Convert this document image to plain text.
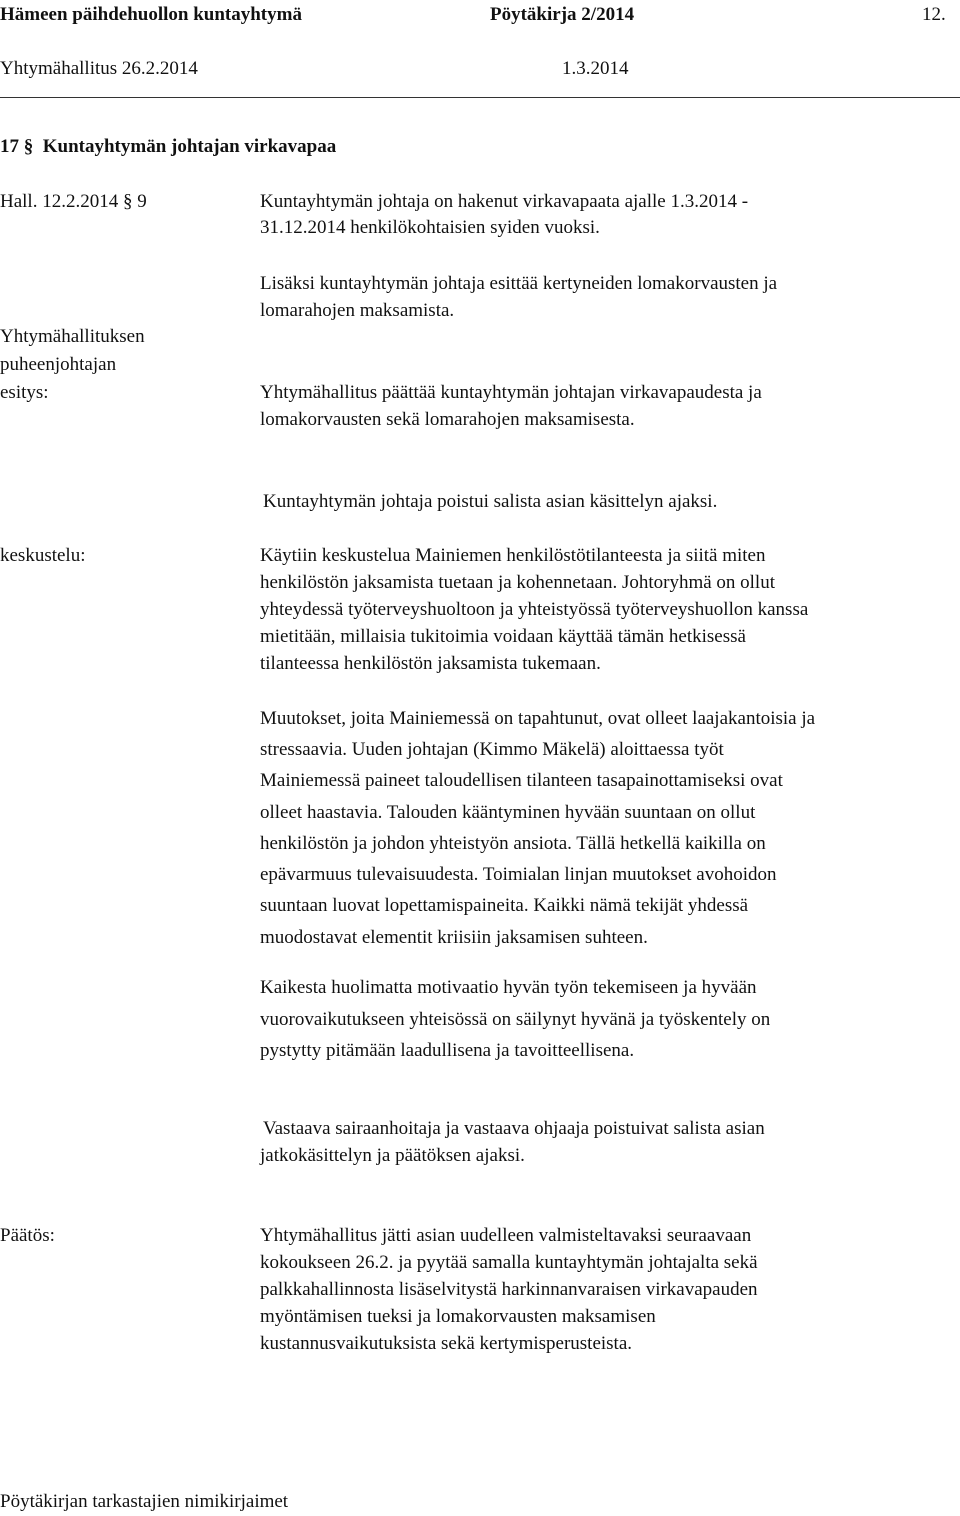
Hämeen päihdehuollon kuntayhtymä	Pöytäkirja 2/2014	12.
Yhtymähallitus 26.2.2014	1.3.2014
17 § Kuntayhtymän johtajan virkavapaa
Hall. 12.2.2014 § 9	Kuntayhtymän johtaja on hakenut virkavapaata ajalle 1.3.2014 -
31.12.2014 henkilökohtaisien syiden vuoksi.
Yhtymähallituksen
puheenjohtajan
esitys:
Lisäksi kuntayhtymän johtaja esittää kertyneiden lomakorvausten ja
lomarahojen maksamista.
Yhtymähallitus päättää kuntayhtymän johtajan virkavapaudesta ja
lomakorvausten sekä lomarahojen maksamisesta.
Kuntayhtymän johtaja poistui salista asian käsittelyn ajaksi.
keskustelu:	Käytiin keskustelua Mainiemen henkilöstötilanteesta ja siitä miten
henkilöstön jaksamista tuetaan ja kohennetaan. Johtoryhmä on ollut
yhteydessä työterveyshuoltoon ja yhteistyössä työterveyshuollon kanssa
mietitään, millaisia tukitoimia voidaan käyttää tämän hetkisessä
tilanteessa henkilöstön jaksamista tukemaan.
Muutokset, joita Mainiemessä on tapahtunut, ovat olleet laajakantoisia ja
stressaavia. Uuden johtajan (Kimmo Mäkelä) aloittaessa työt
Mainiemessä paineet taloudellisen tilanteen tasapainottamiseksi ovat
olleet haastavia. Talouden kääntyminen hyvään suuntaan on ollut
henkilöstön ja johdon yhteistyön ansiota. Tällä hetkellä kaikilla on
epävarmuus tulevaisuudesta. Toimialan linjan muutokset avohoidon
suuntaan luovat lopettamispaineita. Kaikki nämä tekijät yhdessä
muodostavat elementit kriisiin jaksamisen suhteen.
Kaikesta huolimatta motivaatio hyvän työn tekemiseen ja hyvään
vuorovaikutukseen yhteisössä on säilynyt hyvänä ja työskentely on
pystytty pitämään laadullisena ja tavoitteellisena.
Vastaava sairaanhoitaja ja vastaava ohjaaja poistuivat salista asian
jatkokäsittelyn ja päätöksen ajaksi.
Päätös:	Yhtymähallitus jätti asian uudelleen valmisteltavaksi seuraavaan
kokoukseen 26.2. ja pyytää samalla kuntayhtymän johtajalta sekä
palkkahallinnosta lisäselvitystä harkinnanvaraisen virkavapauden
myöntämisen tueksi ja lomakorvausten maksamisen
kustannusvaikutuksista sekä kertymisperusteista.
Pöytäkirjan tarkastajien nimikirjaimet
